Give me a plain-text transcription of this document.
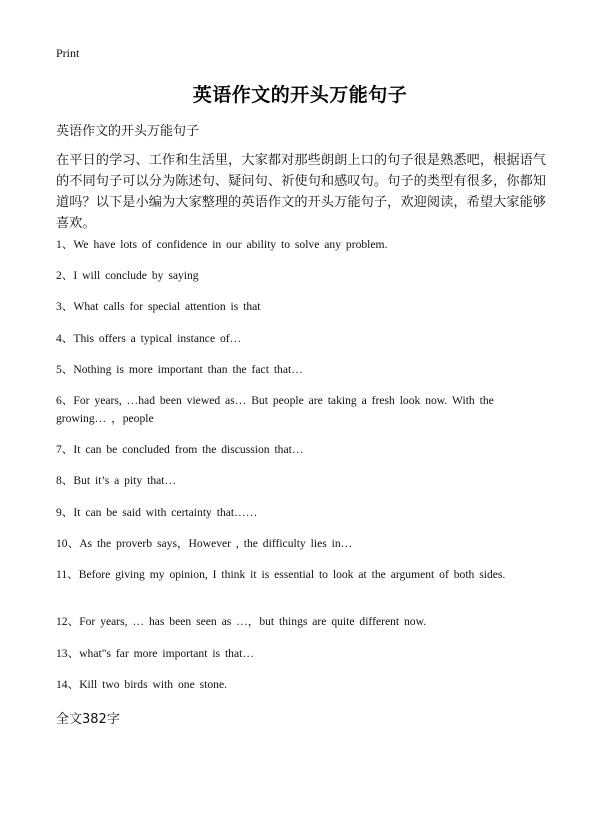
Print
英语作文的开头万能句子
英语作文的开头万能句子
在平日的学习、工作和生活里，大家都对那些朗朗上口的句子很是熟悉吧，根据语气的不同句子可以分为陈述句、疑问句、祈使句和感叹句。句子的类型有很多，你都知道吗？以下是小编为大家整理的英语作文的开头万能句子，欢迎阅读，希望大家能够喜欢。
1、We have lots of confidence in our ability to solve any problem.
2、I will conclude by saying
3、What calls for special attention is that
4、This offers a typical instance of…
5、Nothing is more important than the fact that…
6、For years, …had been viewed as… But people are taking a fresh look now. With the growing… ，people
7、It can be concluded from the discussion that…
8、But it’s a pity that…
9、It can be said with certainty that……
10、As the proverb says，However , the difficulty lies in…
11、Before giving my opinion, I think it is essential to look at the argument of both sides.
12、For years, … has been seen as …，but things are quite different now.
13、what"s far more important is that…
14、Kill two birds with one stone.
全文382字
